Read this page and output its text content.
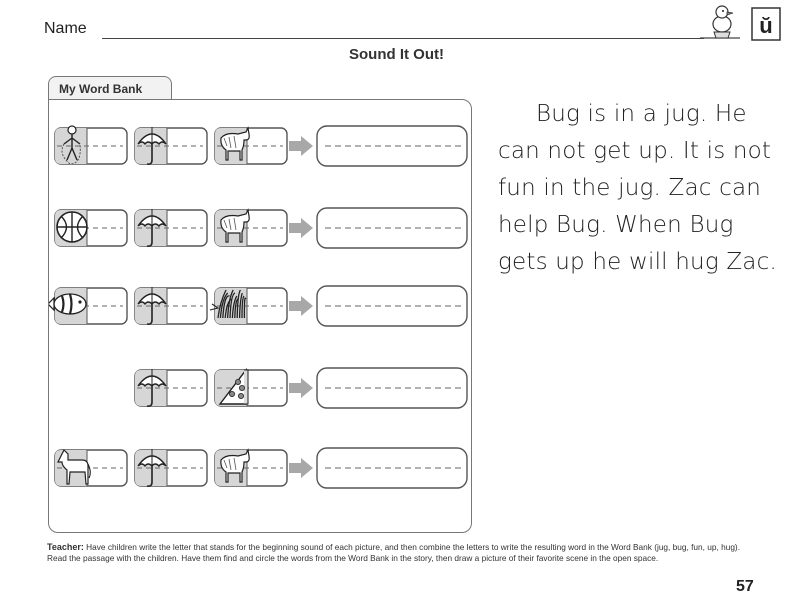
Name	ŭ
Sound It Out!
My Word Bank

Bug is in a jug. He can not get up. It is not fun in the jug. Zac can help Bug. When Bug gets up he will hug Zac.

Teacher: Have children write the letter that stands for the beginning sound of each picture, and then combine the letters to write the resulting word in the Word Bank (jug, bug, fun, up, hug). Read the passage with the children. Have them find and circle the words from the Word Bank in the story, then draw a picture of their favorite scene in the open space.

57
